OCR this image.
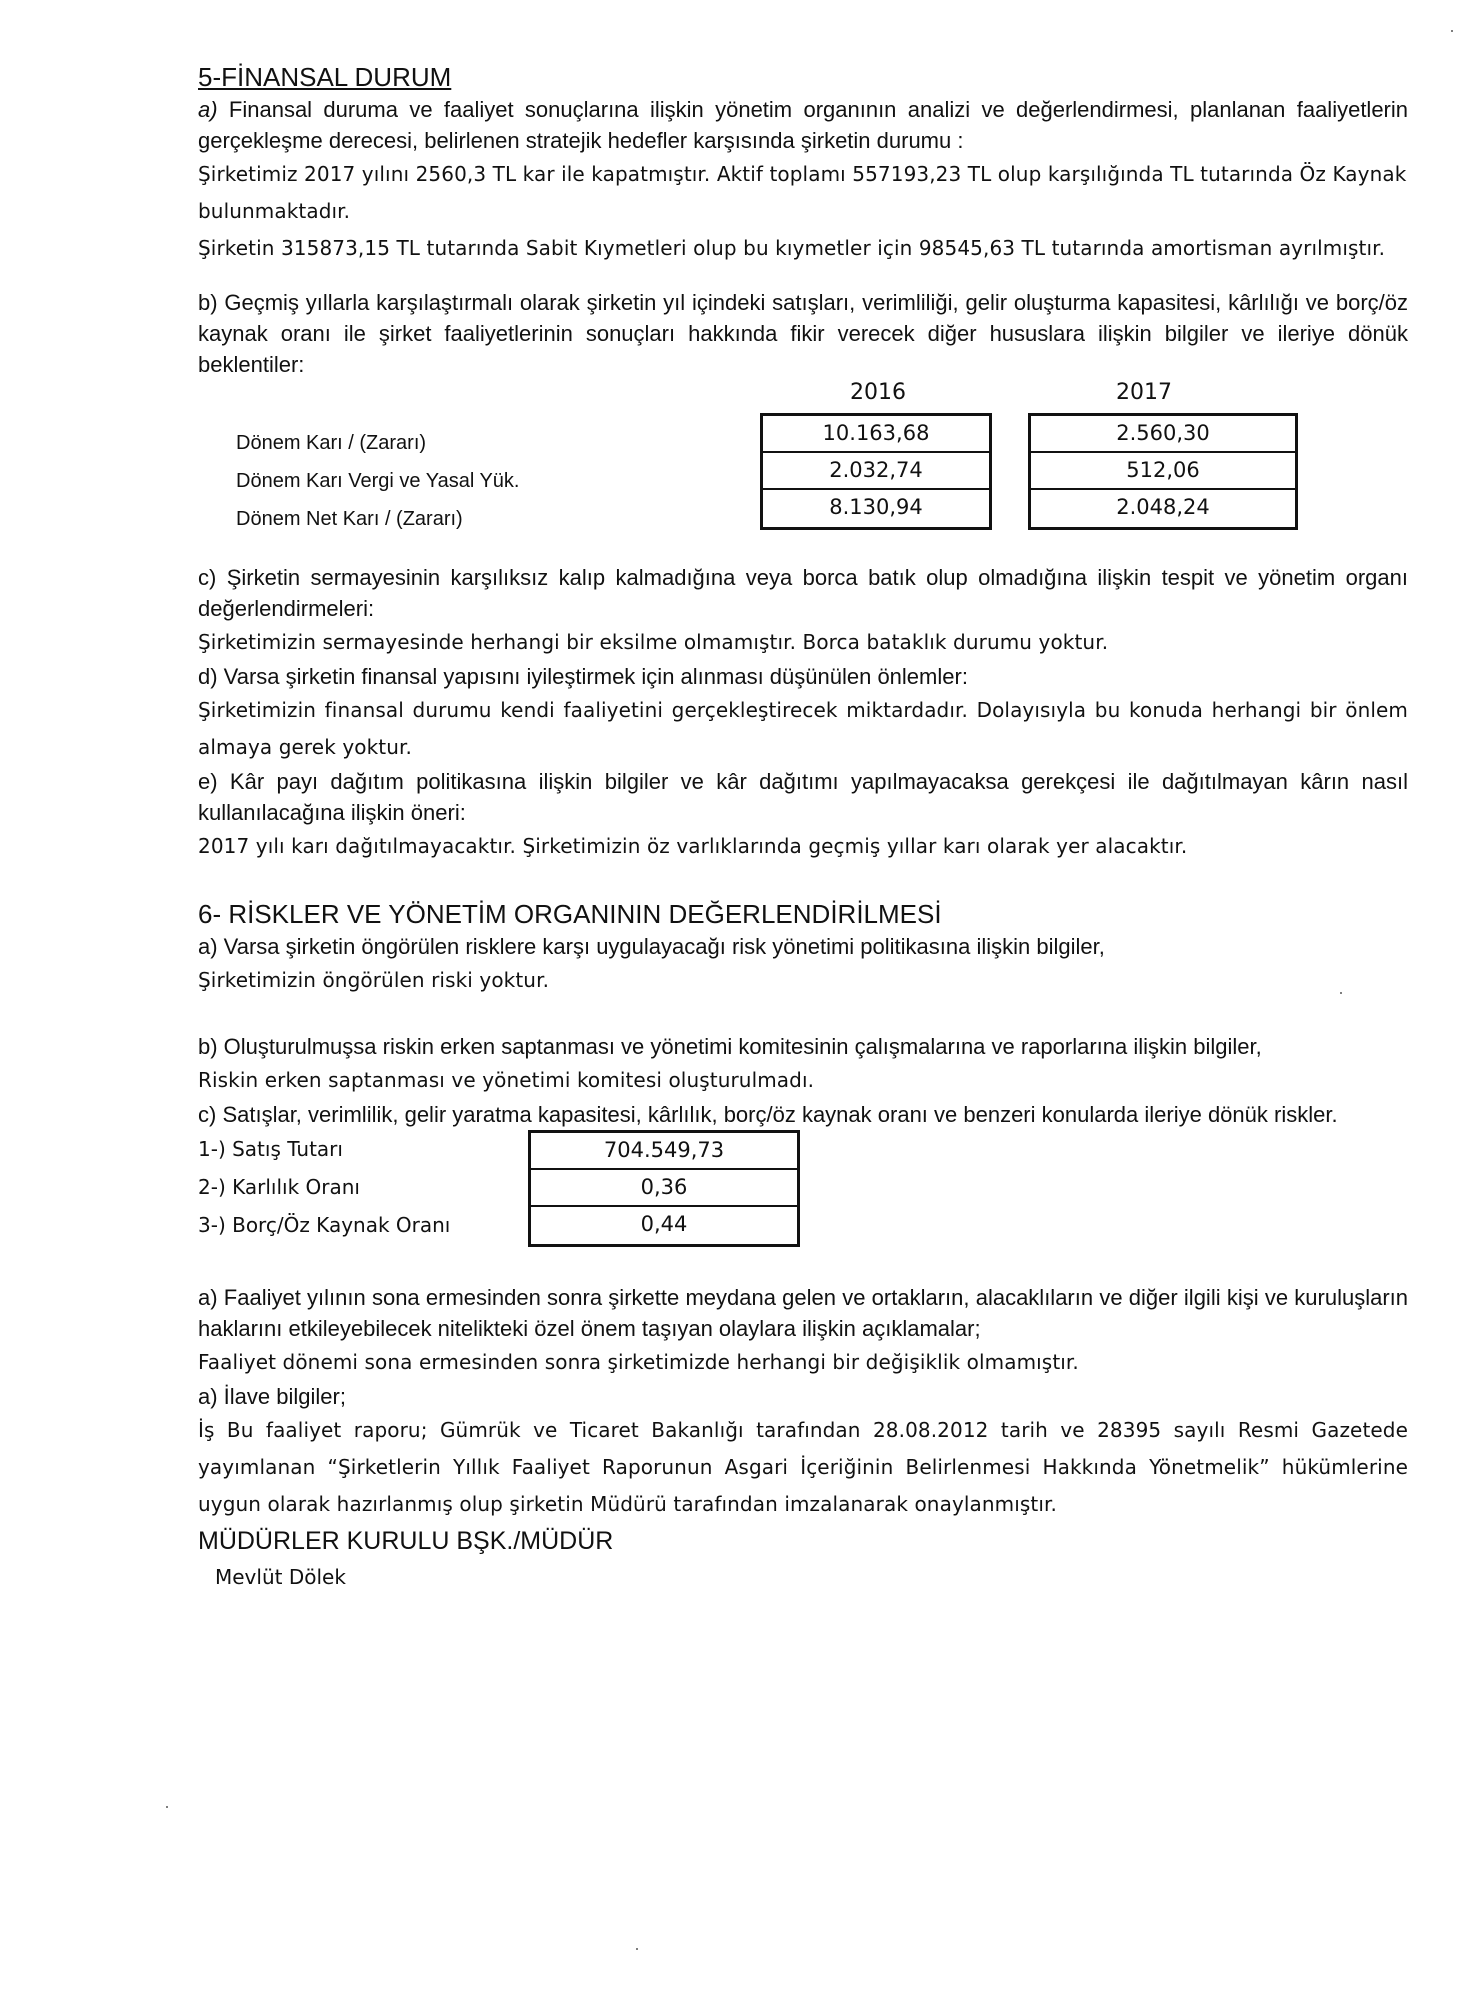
5-FİNANSAL DURUM

a) Finansal duruma ve faaliyet sonuçlarına ilişkin yönetim organının analizi ve değerlendirmesi, planlanan faaliyetlerin gerçekleşme derecesi, belirlenen stratejik hedefler karşısında şirketin durumu :

Şirketimiz 2017 yılını 2560,3 TL kar ile kapatmıştır. Aktif toplamı 557193,23 TL olup karşılığında TL tutarında Öz Kaynak bulunmaktadır.

Şirketin 315873,15 TL tutarında Sabit Kıymetleri olup bu kıymetler için 98545,63 TL tutarında amortisman ayrılmıştır.

b) Geçmiş yıllarla karşılaştırmalı olarak şirketin yıl içindeki satışları, verimliliği, gelir oluşturma kapasitesi, kârlılığı ve borç/öz kaynak oranı ile şirket faaliyetlerinin sonuçları hakkında fikir verecek diğer hususlara ilişkin bilgiler ve ileriye dönük beklentiler:

2016	2017
Dönem Karı / (Zararı)
Dönem Karı Vergi ve Yasal Yük.
Dönem Net Karı / (Zararı)
10.163,68
2.032,74
8.130,94
2.560,30
512,06
2.048,24

c) Şirketin sermayesinin karşılıksız kalıp kalmadığına veya borca batık olup olmadığına ilişkin tespit ve yönetim organı değerlendirmeleri:

Şirketimizin sermayesinde herhangi bir eksilme olmamıştır. Borca bataklık durumu yoktur.

d) Varsa şirketin finansal yapısını iyileştirmek için alınması düşünülen önlemler:

Şirketimizin finansal durumu kendi faaliyetini gerçekleştirecek miktardadır. Dolayısıyla bu konuda herhangi bir önlem almaya gerek yoktur.

e) Kâr payı dağıtım politikasına ilişkin bilgiler ve kâr dağıtımı yapılmayacaksa gerekçesi ile dağıtılmayan kârın nasıl kullanılacağına ilişkin öneri:

2017 yılı karı dağıtılmayacaktır. Şirketimizin öz varlıklarında geçmiş yıllar karı olarak yer alacaktır.

6- RİSKLER VE YÖNETİM ORGANININ DEĞERLENDİRİLMESİ

a) Varsa şirketin öngörülen risklere karşı uygulayacağı risk yönetimi politikasına ilişkin bilgiler,

Şirketimizin öngörülen riski yoktur.

b) Oluşturulmuşsa riskin erken saptanması ve yönetimi komitesinin çalışmalarına ve raporlarına ilişkin bilgiler,

Riskin erken saptanması ve yönetimi komitesi oluşturulmadı.

c) Satışlar, verimlilik, gelir yaratma kapasitesi, kârlılık, borç/öz kaynak oranı ve benzeri konularda ileriye dönük riskler.

1-) Satış Tutarı
2-) Karlılık Oranı
3-) Borç/Öz Kaynak Oranı
704.549,73
0,36
0,44

a) Faaliyet yılının sona ermesinden sonra şirkette meydana gelen ve ortakların, alacaklıların ve diğer ilgili kişi ve kuruluşların haklarını etkileyebilecek nitelikteki özel önem taşıyan olaylara ilişkin açıklamalar;

Faaliyet dönemi sona ermesinden sonra şirketimizde herhangi bir değişiklik olmamıştır.

a) İlave bilgiler;

İş Bu faaliyet raporu; Gümrük ve Ticaret Bakanlığı tarafından 28.08.2012 tarih ve 28395 sayılı Resmi Gazetede yayımlanan “Şirketlerin Yıllık Faaliyet Raporunun Asgari İçeriğinin Belirlenmesi Hakkında Yönetmelik” hükümlerine uygun olarak hazırlanmış olup şirketin Müdürü tarafından imzalanarak onaylanmıştır.

MÜDÜRLER KURULU BŞK./MÜDÜR

Mevlüt Dölek
